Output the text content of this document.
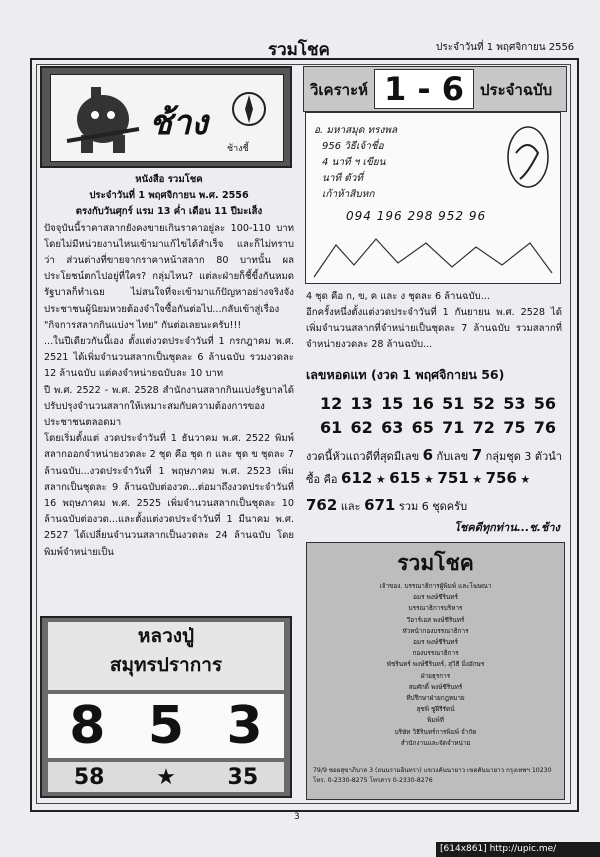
รวมโชค	ประจำวันที่ 1 พฤศจิกายน 2556
ช้าง
ช้างชี้

หนังสือ รวมโชค

ประจำวันที่ 1 พฤศจิกายน พ.ศ. 2556

ตรงกับวันศุกร์ แรม 13 ค่ำ เดือน 11 ปีมะเส็ง

ปัจจุบันนี้ราคาสลากยังคงขายเกินราคาอยู่ละ 100-110 บาท โดยไม่มีหน่วยงานไหนเข้ามาแก้ไขได้สำเร็จ และก็ไม่ทราบว่า ส่วนต่างที่ขายจากราคาหน้าสลาก 80 บาทนั้น ผลประโยชน์ตกไปอยู่ที่ใคร? กลุ่มไหน? แต่ละฝ่ายก็ชี้ขี้งกันหมด รัฐบาลก็ทำเฉย ไม่สนใจที่จะเข้ามาแก้ปัญหาอย่างจริงจัง ประชาชนผู้นิยมหวยต้องจำใจซื้อกันต่อไป...กลับเข้าสู่เรื่อง "กิจการสลากกินแบ่งฯ ไทย" กันต่อเลยนะครับ!!!

...ในปีเดียวกันนี้เอง ตั้งแต่งวดประจำวันที่ 1 กรกฎาคม พ.ศ. 2521 ได้เพิ่มจำนวนสลากเป็นชุดละ 6 ล้านฉบับ รวมงวดละ 12 ล้านฉบับ แต่คงจำหน่ายฉบับละ 10 บาท

ปี พ.ศ. 2522 - พ.ศ. 2528 สำนักงานสลากกินแบ่งรัฐบาลได้ปรับปรุงจำนวนสลากให้เหมาะสมกับความต้องการของประชาชนตลอดมา

โดยเริ่มตั้งแต่ งวดประจำวันที่ 1 ธันวาคม พ.ศ. 2522 พิมพ์สลากออกจำหน่ายงวดละ 2 ชุด คือ ชุด ก และ ชุด ข ชุดละ 7 ล้านฉบับ...งวดประจำวันที่ 1 พฤษภาคม พ.ศ. 2523 เพิ่มสลากเป็นชุดละ 9 ล้านฉบับต่องวด...ต่อมาถึงงวดประจำวันที่ 16 พฤษภาคม พ.ศ. 2525 เพิ่มจำนวนสลากเป็นชุดละ 10 ล้านฉบับต่องวด...และตั้งแต่งวดประจำวันที่ 1 มีนาคม พ.ศ. 2527 ได้เปลี่ยนจำนวนสลากเป็นงวดละ 24 ล้านฉบับ โดยพิมพ์จำหน่ายเป็น

หลวงปู่
สมุทรปราการ
8 5 3
58 ★ 35
วิเคราะห์ 1 - 6	ประจำฉบับ
อ. มหาสมุด ทรงพล
956 วิธีเจ้าชื่อ
4 นาที ฯ เขียน
นาที ตัวที่
เก้าห้าสิบหก
094 196 298 952 96

4 ชุด คือ ก, ข, ค และ ง ชุดละ 6 ล้านฉบับ...

อีกครั้งหนึ่งตั้งแต่งวดประจำวันที่ 1 กันยายน พ.ศ. 2528 ได้เพิ่มจำนวนสลากที่จำหน่ายเป็นชุดละ 7 ล้านฉบับ รวมสลากที่จำหน่ายงวดละ 28 ล้านฉบับ...

เลขหอดแท (งวด 1 พฤศจิกายน 56)
12 13 15 16 51 52 53 56
61 62 63 65 71 72 75 76
งวดนี้หัวแถวดีที่สุดมีเลข 6 กับเลข 7 กลุ่มชุด 3 ตัวนำ
ซื้อ คือ 612 ★ 615 ★ 751 ★ 756 ★
762 และ 671 รวม 6 ชุดครับ
โชคดีทุกท่าน...ช.ช้าง
รวมโชค
เจ้าของ. บรรณาธิการผู้พิมพ์ และโฆษณา
อมร พงษ์ชีรินทร์
บรรณาธิการบริหาร
วีอาร์เอส พงษ์ชีรินทร์
หัวหน้ากองบรรณาธิการ
อมร พงษ์ชีรินทร์
กองบรรณาธิการ
พัชรินทร์ พงษ์ชีรินทร์, สุวิธี มิ่งอักษร
ฝ่ายธุรการ
สมศักดิ์ พงษ์ชีรินทร์
ที่ปรึกษาฝ่ายกฎหมาย
สุชพิ ชูฝีรีรัตน์
พิมพ์ที่
บริษัท วิธีรินทร์การพิมพ์ จำกัด
สำนักงานและจัดจำหน่าย
79/9 ซอยสุขาภิบาล 3 (ถนนรามอินทรา) แขวงคันนายาว เขตคันนายาว กรุงเทพฯ 10230 โทร. 0-2330-8275 โทรสาร 0-2330-8276
3
[614x861] http://upic.me/
